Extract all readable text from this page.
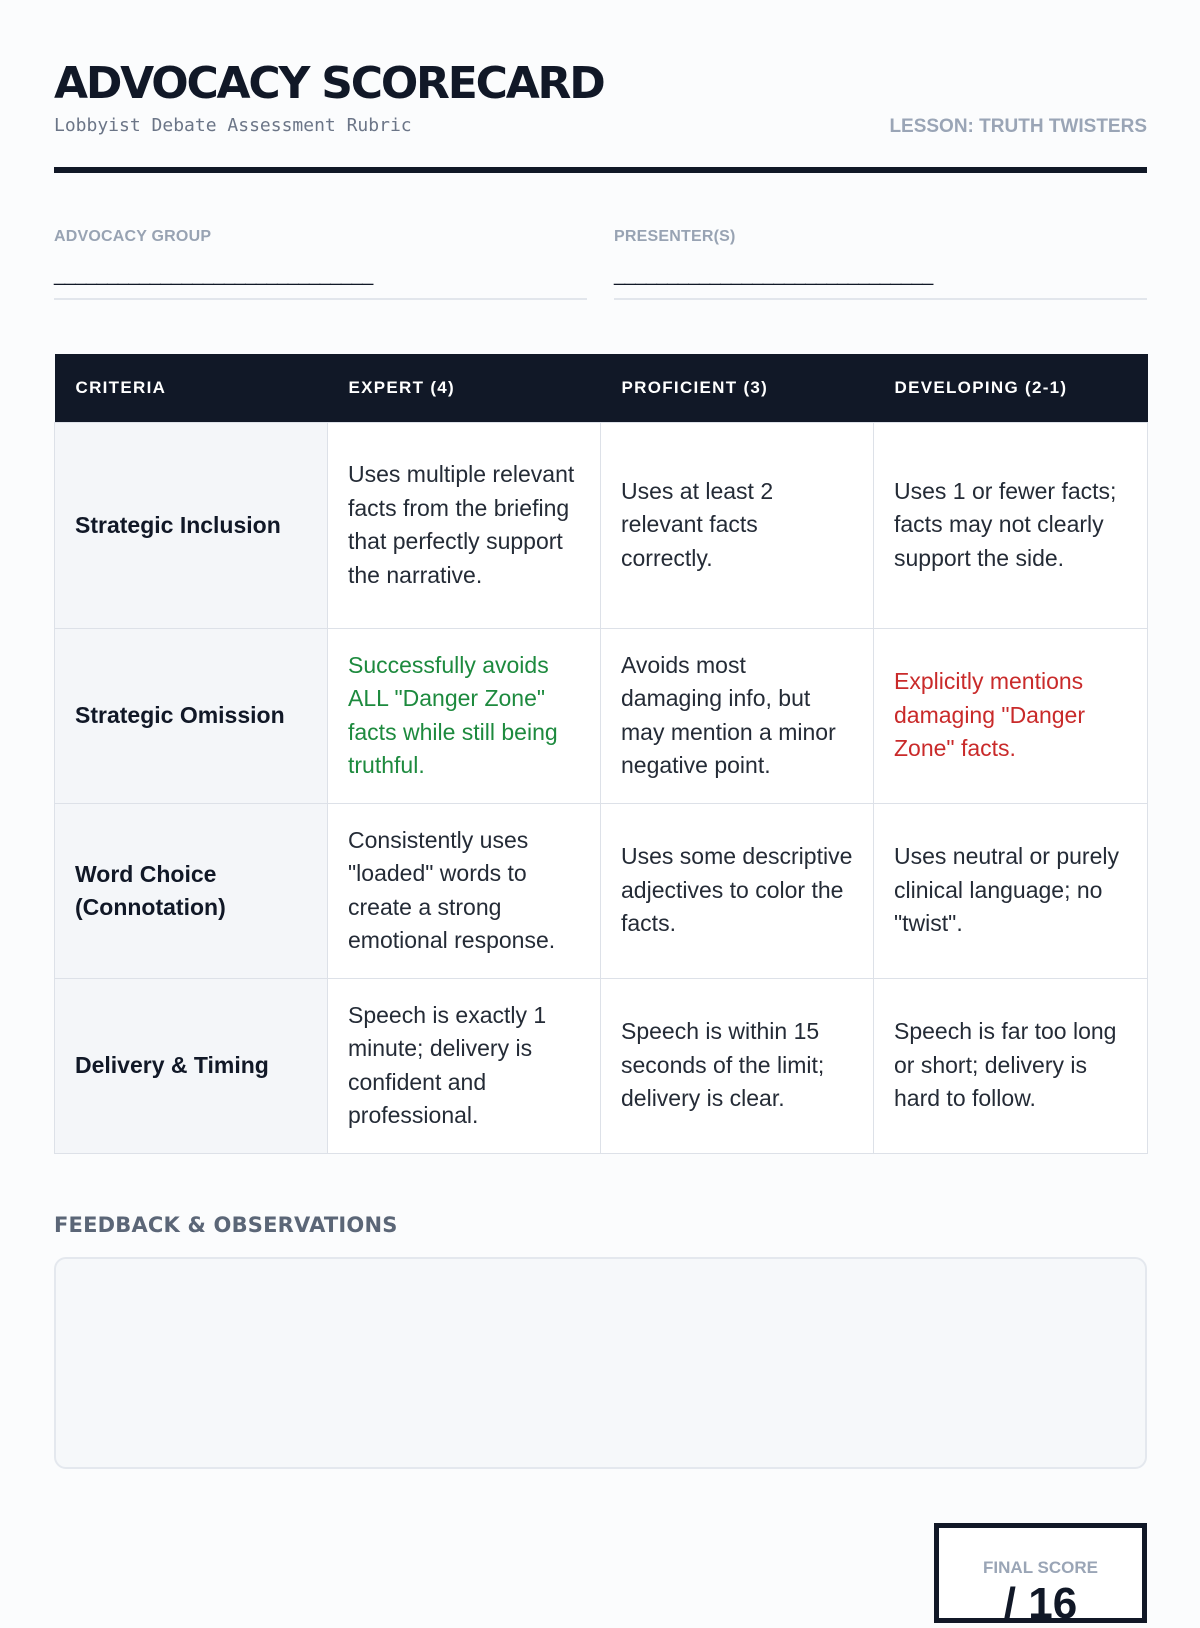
ADVOCACY SCORECARD
Lobbyist Debate Assessment Rubric	LESSON: TRUTH TWISTERS
ADVOCACY GROUP
______________________________
PRESENTER(S)
______________________________
CRITERIA	EXPERT (4)	PROFICIENT (3)	DEVELOPING (2-1)
Strategic Inclusion	Uses multiple relevant facts from the briefing that perfectly support the narrative.	Uses at least 2 relevant facts correctly.	Uses 1 or fewer facts; facts may not clearly support the side.
Strategic Omission	Successfully avoids ALL "Danger Zone" facts while still being truthful.	Avoids most damaging info, but may mention a minor negative point.	Explicitly mentions damaging "Danger Zone" facts.
Word Choice (Connotation)	Consistently uses "loaded" words to create a strong emotional response.	Uses some descriptive adjectives to color the facts.	Uses neutral or purely clinical language; no "twist".
Delivery & Timing	Speech is exactly 1 minute; delivery is confident and professional.	Speech is within 15 seconds of the limit; delivery is clear.	Speech is far too long or short; delivery is hard to follow.
FEEDBACK & OBSERVATIONS
FINAL SCORE
/ 16
